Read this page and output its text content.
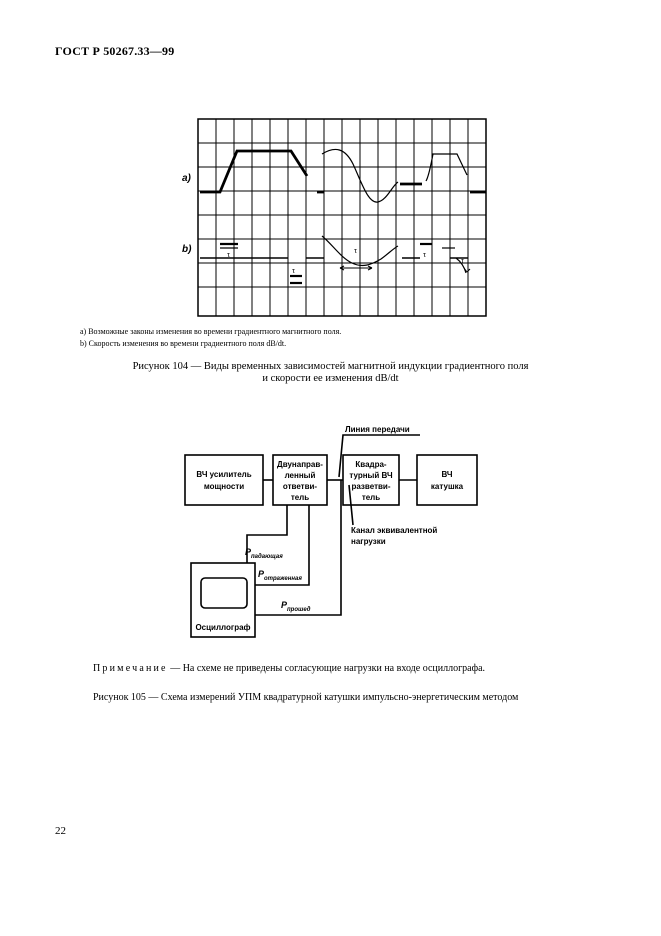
ГОСТ Р 50267.33—99
а)
b)	τ
τ
τ	τ
τ
а) Возможные законы изменения во времени градиентного магнитного поля.
b) Скорость изменения во времени градиентного поля dB/dt.
Рисунок 104 — Виды временных зависимостей магнитной индукции градиентного поля
и скорости ее изменения dB/dt
ВЧ усилитель
мощности
Двунаправ-
ленный
ответви-
тель
Квадра-
турный ВЧ
разветви-
тель
ВЧ
катушка
Осциллограф
Линия передачи
Канал эквивалентной
нагрузки
Pпадающая
Pотраженная
Pпрошед
Примечание — На схеме не приведены согласующие нагрузки на входе осциллографа.
Рисунок 105 — Схема измерений УПМ квадратурной катушки импульсно-энергетическим методом
22
